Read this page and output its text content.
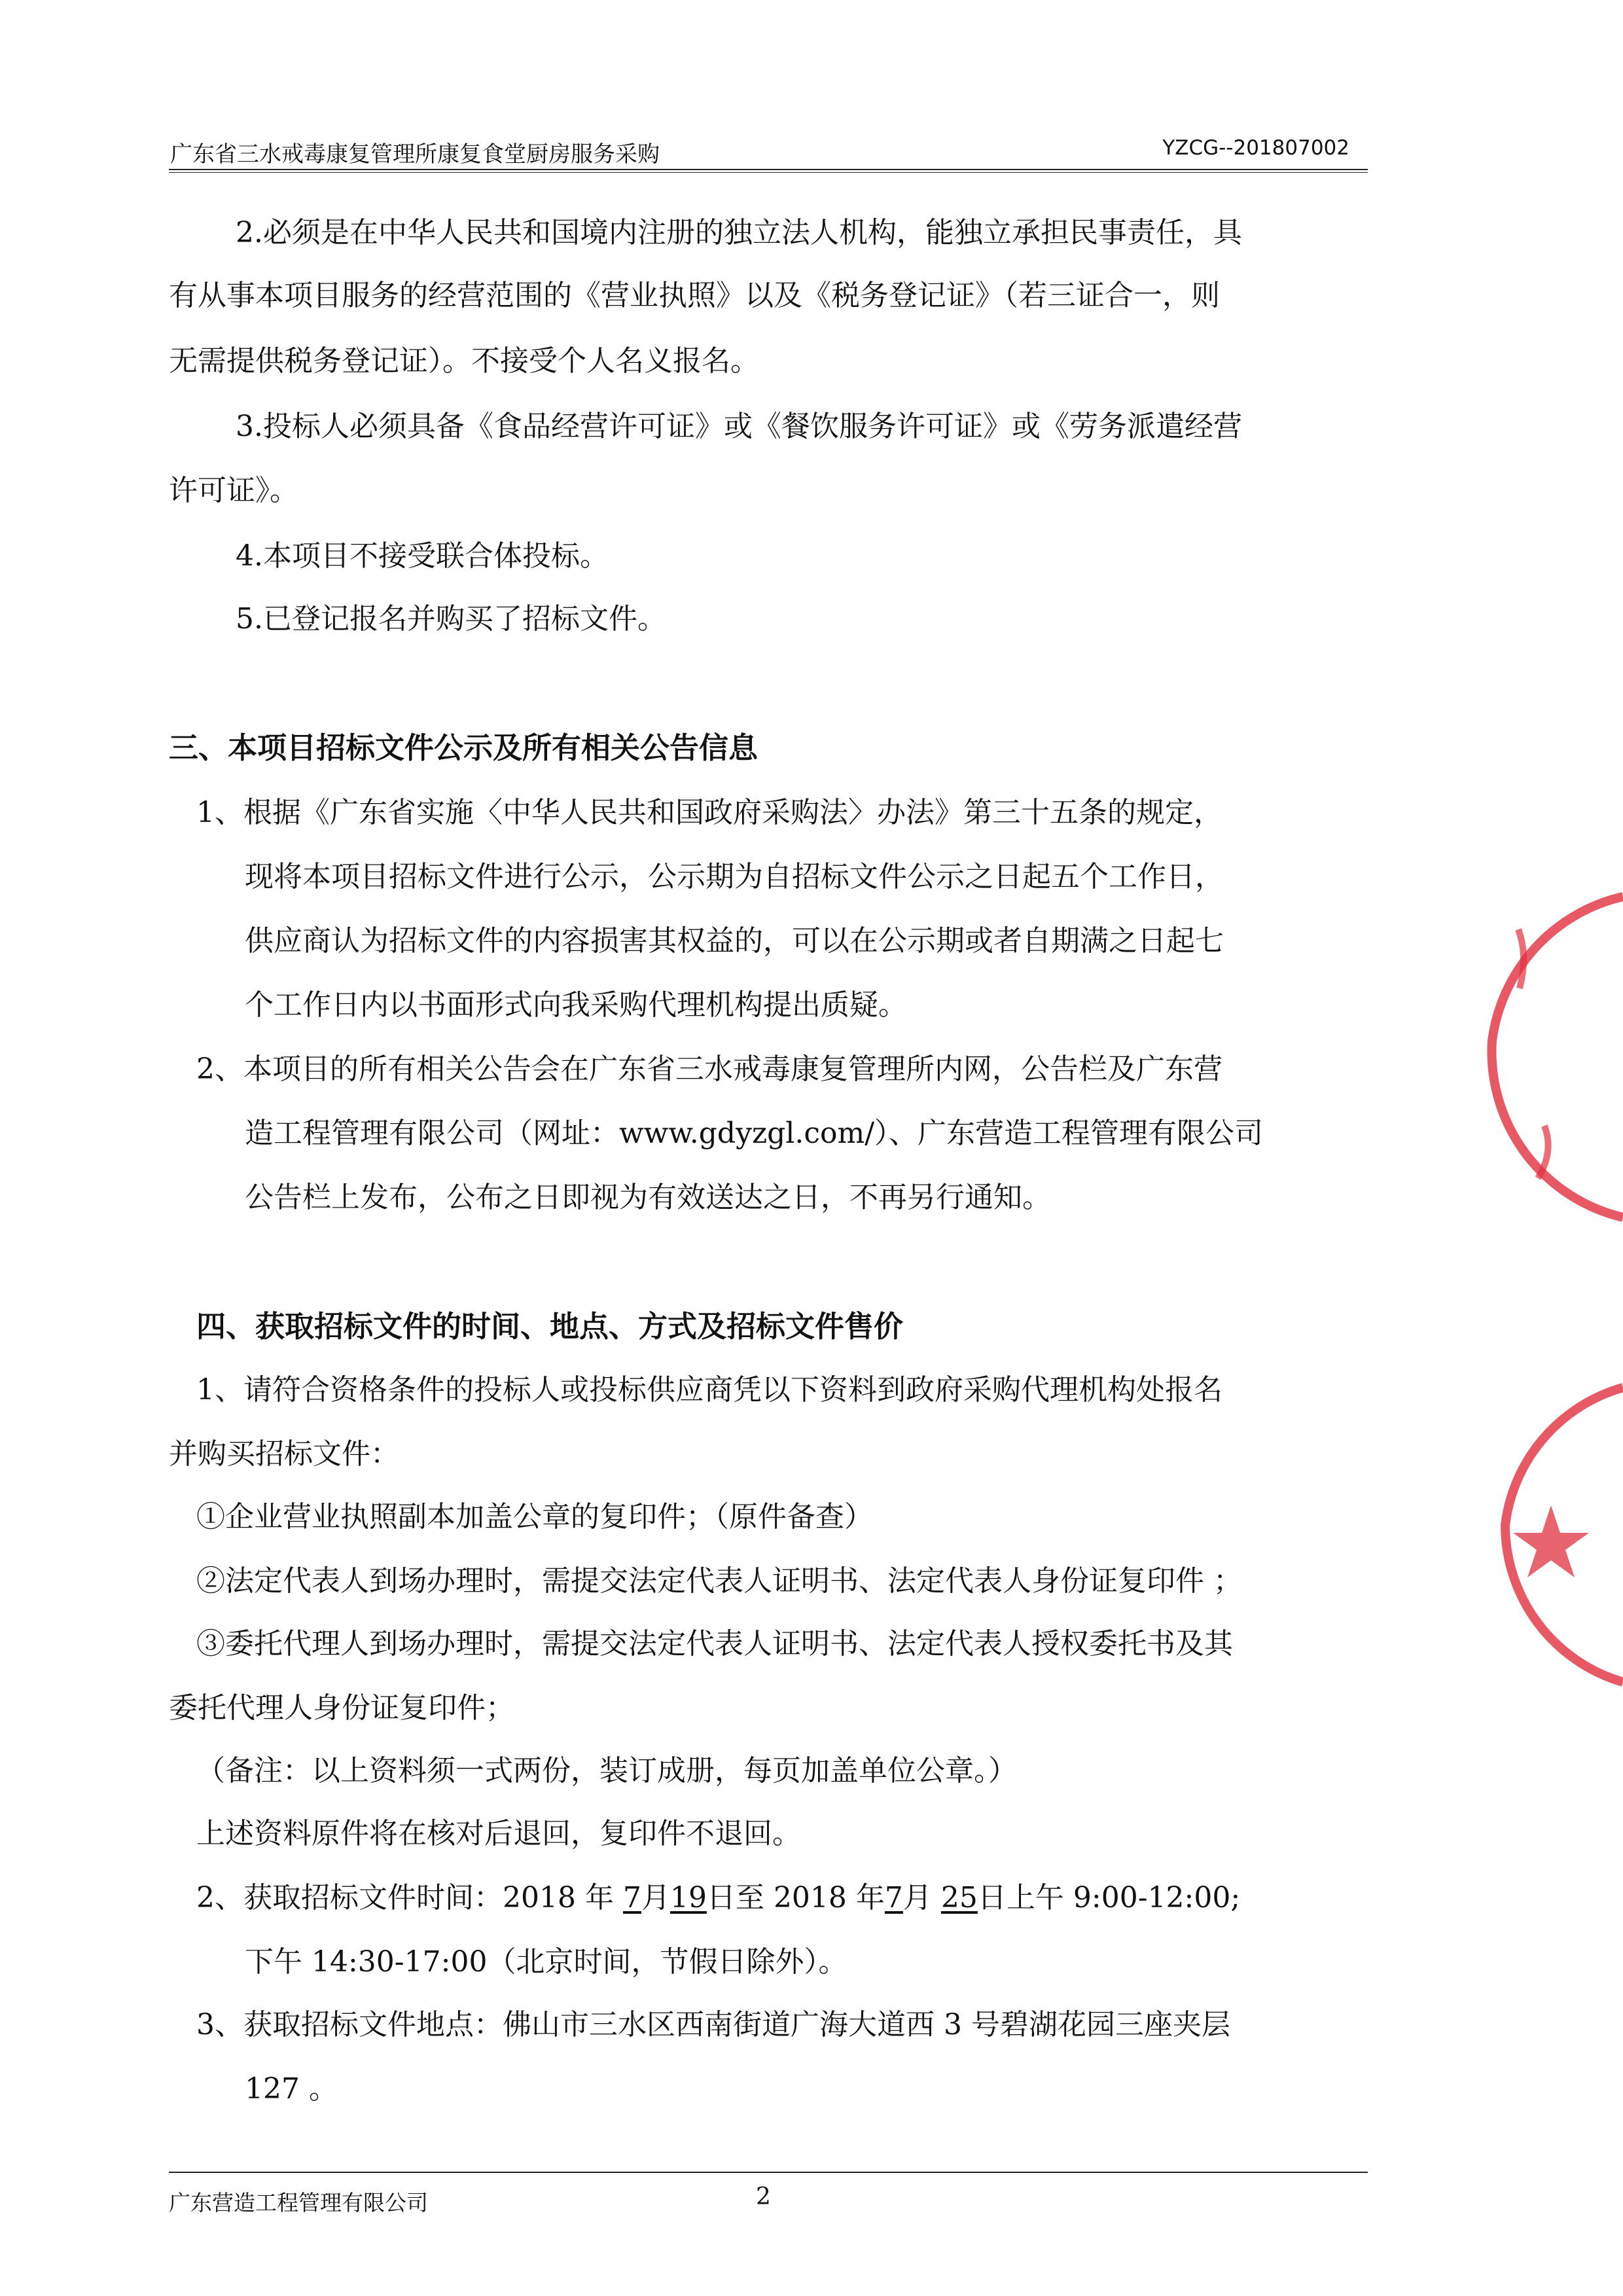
广东省三水戒毒康复管理所康复食堂厨房服务采购	YZCG--201807002
2.必须是在中华人民共和国境内注册的独立法人机构，能独立承担民事责任，具
有从事本项目服务的经营范围的《营业执照》以及《税务登记证》（若三证合一，则
无需提供税务登记证）。不接受个人名义报名。
3.投标人必须具备《食品经营许可证》或《餐饮服务许可证》或《劳务派遣经营
许可证》。
4.本项目不接受联合体投标。
5.已登记报名并购买了招标文件。
三、本项目招标文件公示及所有相关公告信息
1、根据《广东省实施〈中华人民共和国政府采购法〉办法》第三十五条的规定，
现将本项目招标文件进行公示，公示期为自招标文件公示之日起五个工作日，
供应商认为招标文件的内容损害其权益的，可以在公示期或者自期满之日起七
个工作日内以书面形式向我采购代理机构提出质疑。
2、本项目的所有相关公告会在广东省三水戒毒康复管理所内网，公告栏及广东营
造工程管理有限公司（网址：www.gdyzgl.com/）、广东营造工程管理有限公司
公告栏上发布，公布之日即视为有效送达之日，不再另行通知。
四、获取招标文件的时间、地点、方式及招标文件售价
1、请符合资格条件的投标人或投标供应商凭以下资料到政府采购代理机构处报名
并购买招标文件：
①企业营业执照副本加盖公章的复印件；（原件备查）
②法定代表人到场办理时，需提交法定代表人证明书、法定代表人身份证复印件 ；
③委托代理人到场办理时，需提交法定代表人证明书、法定代表人授权委托书及其
委托代理人身份证复印件；
（备注：以上资料须一式两份，装订成册，每页加盖单位公章。）
上述资料原件将在核对后退回，复印件不退回。
2、获取招标文件时间：2018 年 7月19日至 2018 年7月 25日上午 9:00-12:00;
下午 14:30-17:00（北京时间，节假日除外）。
3、获取招标文件地点：佛山市三水区西南街道广海大道西 3 号碧湖花园三座夹层
127 。
广东营造工程管理有限公司	2
